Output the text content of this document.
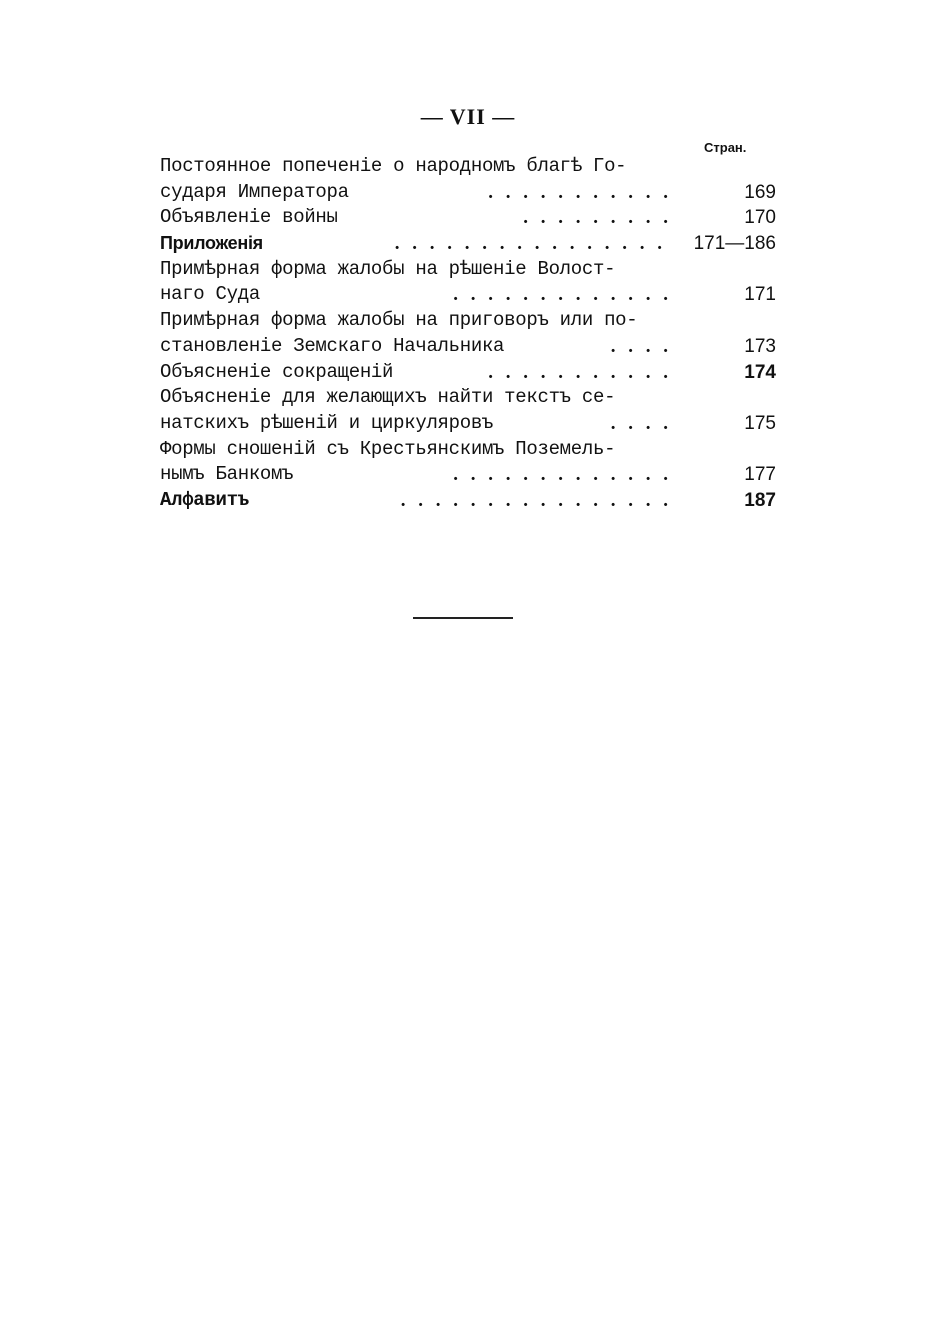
— VII —
Стран.
Постоянное попеченіе о народномъ благѣ Го-
сударя Императора	. . . . . . . . . . .	169
Объявленіе войны	. . . . . . . . .	170
Приложенія	. . . . . . . . . . . . . . . . 171—186
Примѣрная форма жалобы на рѣшеніе Волост-
наго Суда	. . . . . . . . . . . . .	171
Примѣрная форма жалобы на приговоръ или по-
становленіе Земскаго Начальника	. . . .	173
Объясненіе сокращеній	. . . . . . . . . . .	174
Объясненіе для желающихъ найти текстъ се-
натскихъ рѣшеній и циркуляровъ	. . . .	175
Формы сношеній съ Крестьянскимъ Поземель-
нымъ Банкомъ	. . . . . . . . . . . . .	177
Алфавитъ	. . . . . . . . . . . . . . . .	187
